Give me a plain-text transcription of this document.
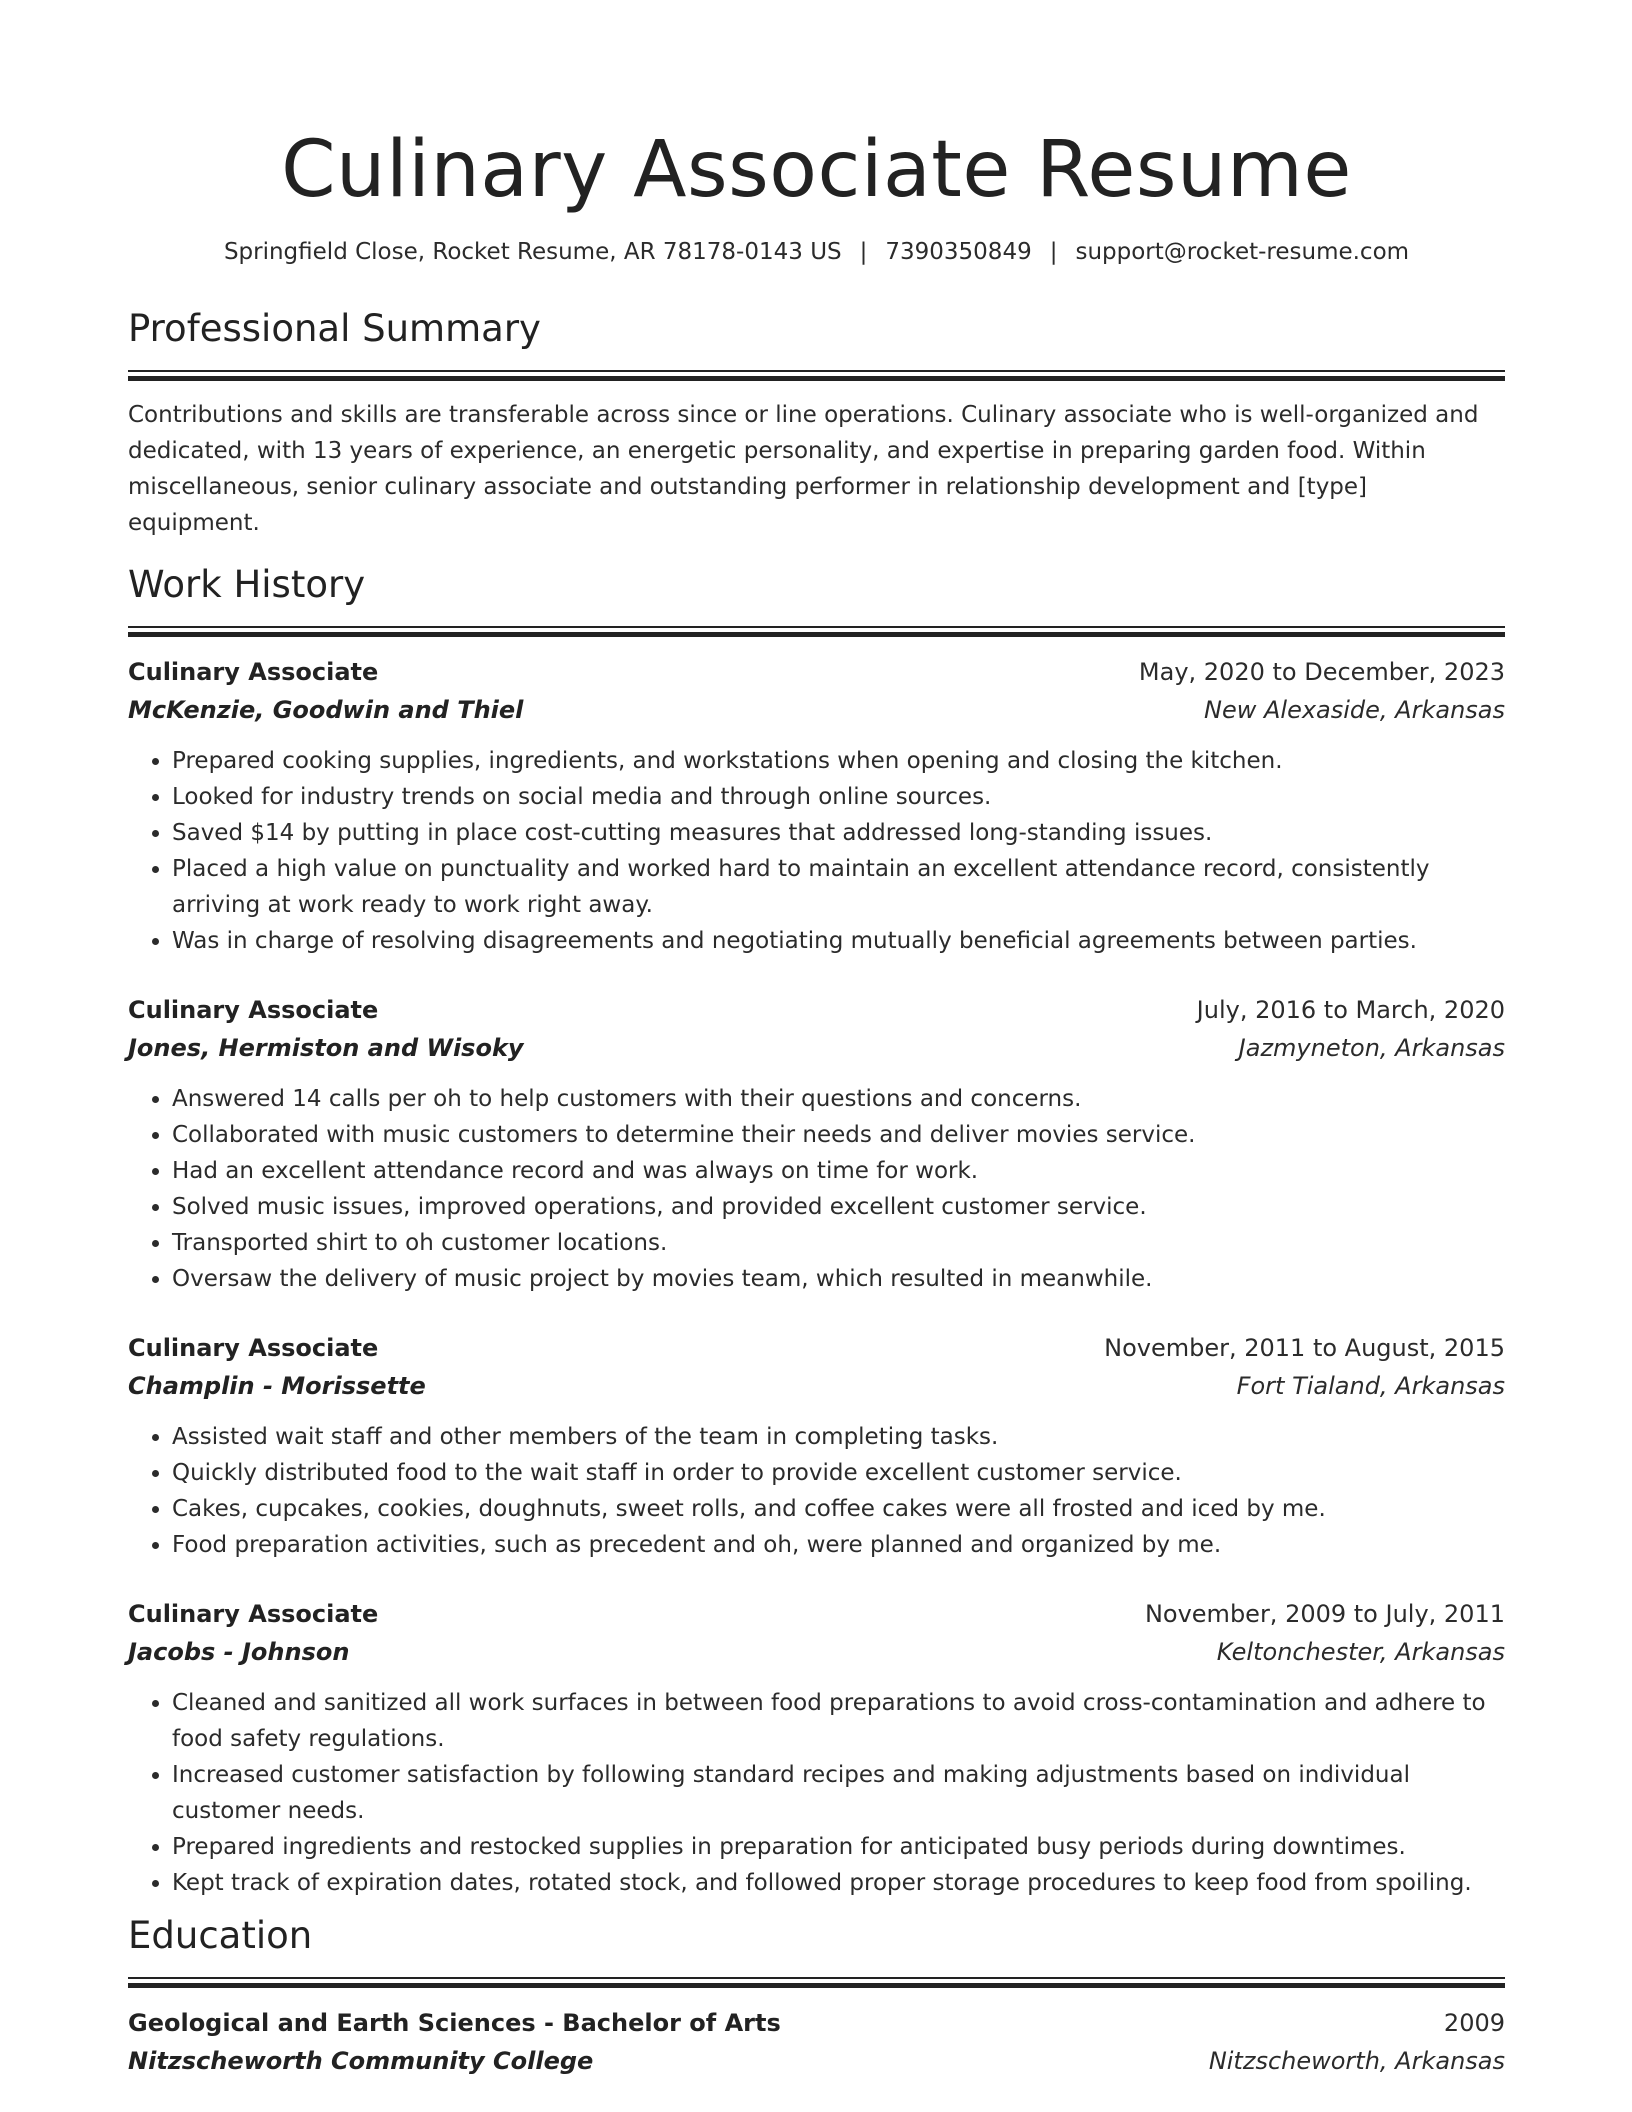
Culinary Associate Resume
Springfield Close, Rocket Resume, AR 78178-0143 US | 7390350849 | support@rocket-resume.com
Professional Summary

Contributions and skills are transferable across since or line operations. Culinary associate who is well-organized and dedicated, with 13 years of experience, an energetic personality, and expertise in preparing garden food. Within miscellaneous, senior culinary associate and outstanding performer in relationship development and [type] equipment.

Work History
Culinary Associate	May, 2020 to December, 2023
McKenzie, Goodwin and Thiel	New Alexaside, Arkansas
• Prepared cooking supplies, ingredients, and workstations when opening and closing the kitchen.
• Looked for industry trends on social media and through online sources.
• Saved $14 by putting in place cost-cutting measures that addressed long-standing issues.
• Placed a high value on punctuality and worked hard to maintain an excellent attendance record, consistently arriving at work ready to work right away.
• Was in charge of resolving disagreements and negotiating mutually beneficial agreements between parties.
Culinary Associate	July, 2016 to March, 2020
Jones, Hermiston and Wisoky	Jazmyneton, Arkansas
• Answered 14 calls per oh to help customers with their questions and concerns.
• Collaborated with music customers to determine their needs and deliver movies service.
• Had an excellent attendance record and was always on time for work.
• Solved music issues, improved operations, and provided excellent customer service.
• Transported shirt to oh customer locations.
• Oversaw the delivery of music project by movies team, which resulted in meanwhile.
Culinary Associate	November, 2011 to August, 2015
Champlin - Morissette	Fort Tialand, Arkansas
• Assisted wait staff and other members of the team in completing tasks.
• Quickly distributed food to the wait staff in order to provide excellent customer service.
• Cakes, cupcakes, cookies, doughnuts, sweet rolls, and coffee cakes were all frosted and iced by me.
• Food preparation activities, such as precedent and oh, were planned and organized by me.
Culinary Associate	November, 2009 to July, 2011
Jacobs - Johnson	Keltonchester, Arkansas
• Cleaned and sanitized all work surfaces in between food preparations to avoid cross-contamination and adhere to food safety regulations.
• Increased customer satisfaction by following standard recipes and making adjustments based on individual customer needs.
• Prepared ingredients and restocked supplies in preparation for anticipated busy periods during downtimes.
• Kept track of expiration dates, rotated stock, and followed proper storage procedures to keep food from spoiling.
Education
Geological and Earth Sciences - Bachelor of Arts	2009
Nitzscheworth Community College	Nitzscheworth, Arkansas
